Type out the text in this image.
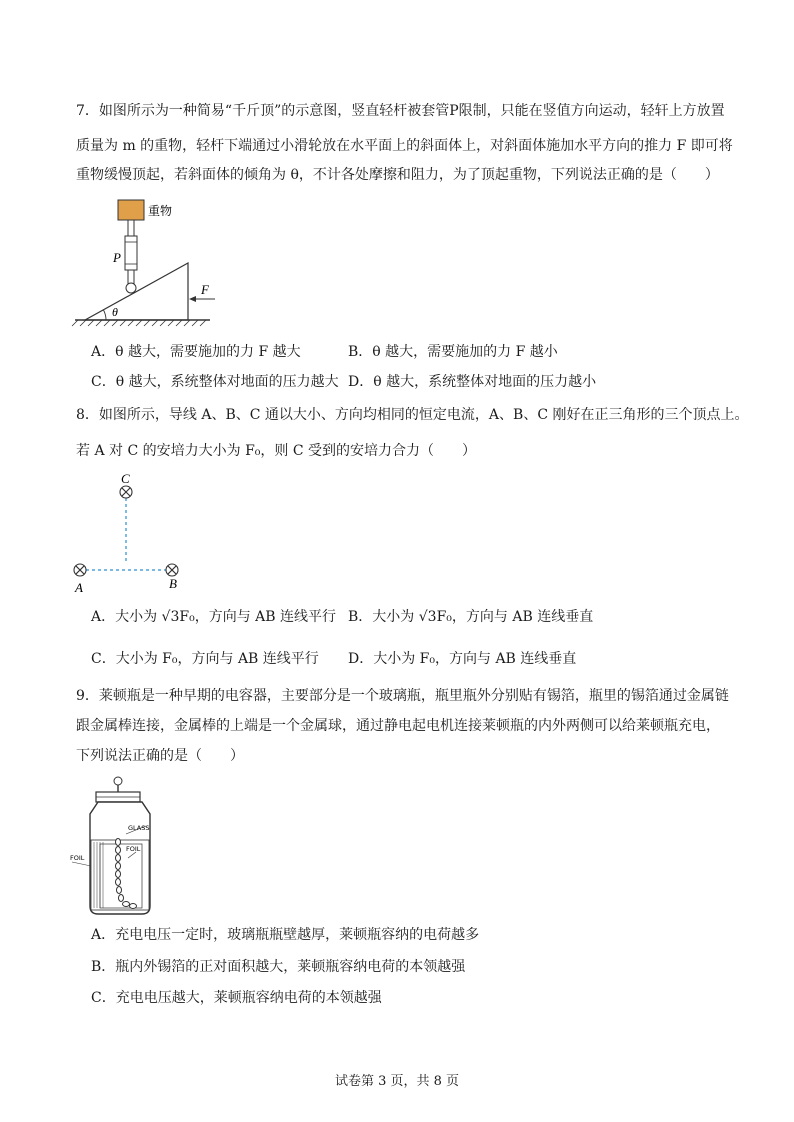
7．如图所示为一种简易“千斤顶”的示意图，竖直轻杆被套管P限制，只能在竖值方向运动，轻轩上方放置
质量为 m 的重物，轻杆下端通过小滑轮放在水平面上的斜面体上，对斜面体施加水平方向的推力 F 即可将
重物缓慢顶起，若斜面体的倾角为 θ，不计各处摩擦和阻力，为了顶起重物，下列说法正确的是（　　）
重物
P
F
θ
A．θ 越大，需要施加的力 F 越大	B．θ 越大，需要施加的力 F 越小
C．θ 越大，系统整体对地面的压力越大 D．θ 越大，系统整体对地面的压力越小
8．如图所示，导线 A、B、C 通以大小、方向均相同的恒定电流，A、B、C 刚好在正三角形的三个顶点上。
若 A 对 C 的安培力大小为 F₀，则 C 受到的安培力合力（　　）
C
A	B
A．大小为 √3F₀，方向与 AB 连线平行 B．大小为 √3F₀，方向与 AB 连线垂直
C．大小为 F₀，方向与 AB 连线平行 D．大小为 F₀，方向与 AB 连线垂直
9．莱顿瓶是一种早期的电容器，主要部分是一个玻璃瓶，瓶里瓶外分别贴有锡箔，瓶里的锡箔通过金属链
跟金属棒连接，金属棒的上端是一个金属球，通过静电起电机连接莱顿瓶的内外两侧可以给莱顿瓶充电，
下列说法正确的是（　　）
GLASS
FOIL
FOIL
A．充电电压一定时，玻璃瓶瓶壁越厚，莱顿瓶容纳的电荷越多
B．瓶内外锡箔的正对面积越大，莱顿瓶容纳电荷的本领越强
C．充电电压越大，莱顿瓶容纳电荷的本领越强
试卷第 3 页，共 8 页
